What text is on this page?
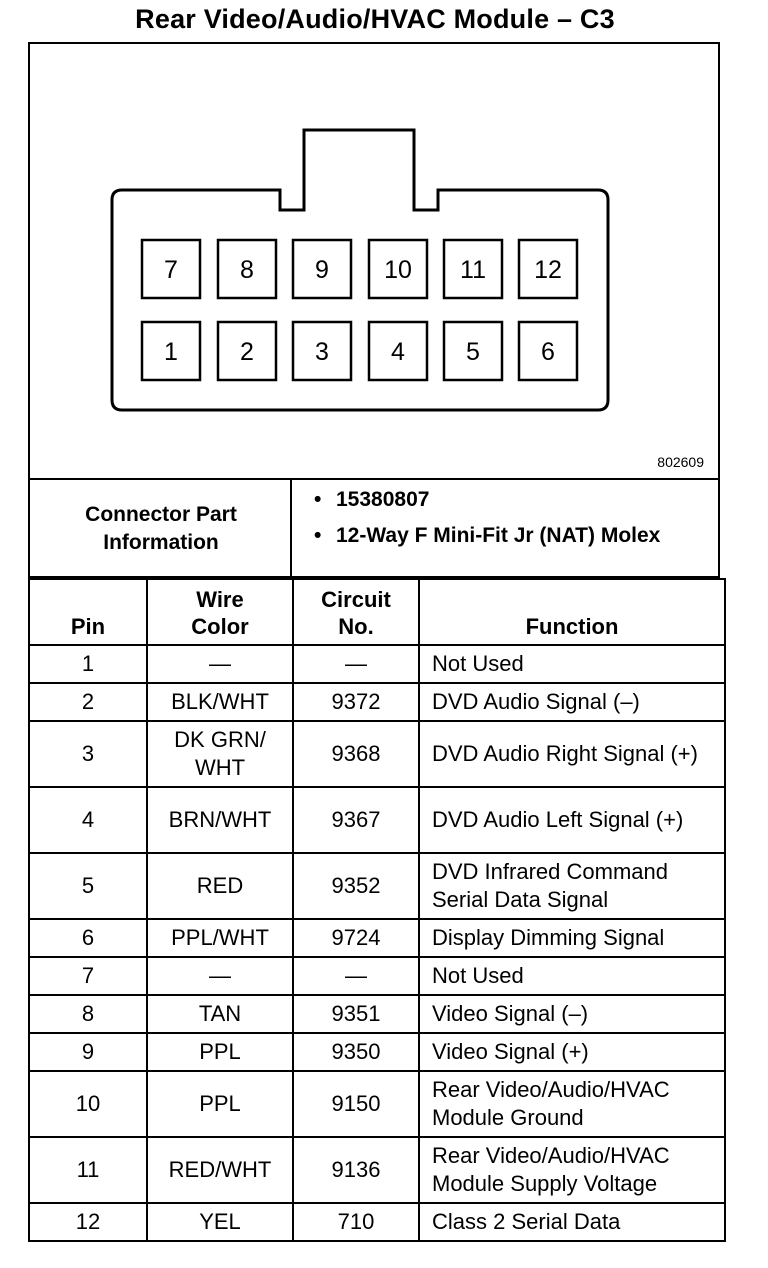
Rear Video/Audio/HVAC Module – C3
7 8 9 10 11 12
1 2 3 4 5 6
802609
Connector Part Information
• 15380807
• 12-Way F Mini-Fit Jr (NAT) Molex
Pin	Wire Color	Circuit No.	Function
1	—	—	Not Used
2	BLK/WHT	9372	DVD Audio Signal (–)
3	DK GRN/ WHT	9368	DVD Audio Right Signal (+)
4	BRN/WHT	9367	DVD Audio Left Signal (+)
5	RED	9352	DVD Infrared Command Serial Data Signal
6	PPL/WHT	9724	Display Dimming Signal
7	—	—	Not Used
8	TAN	9351	Video Signal (–)
9	PPL	9350	Video Signal (+)
10	PPL	9150	Rear Video/Audio/HVAC Module Ground
11	RED/WHT	9136	Rear Video/Audio/HVAC Module Supply Voltage
12	YEL	710	Class 2 Serial Data
